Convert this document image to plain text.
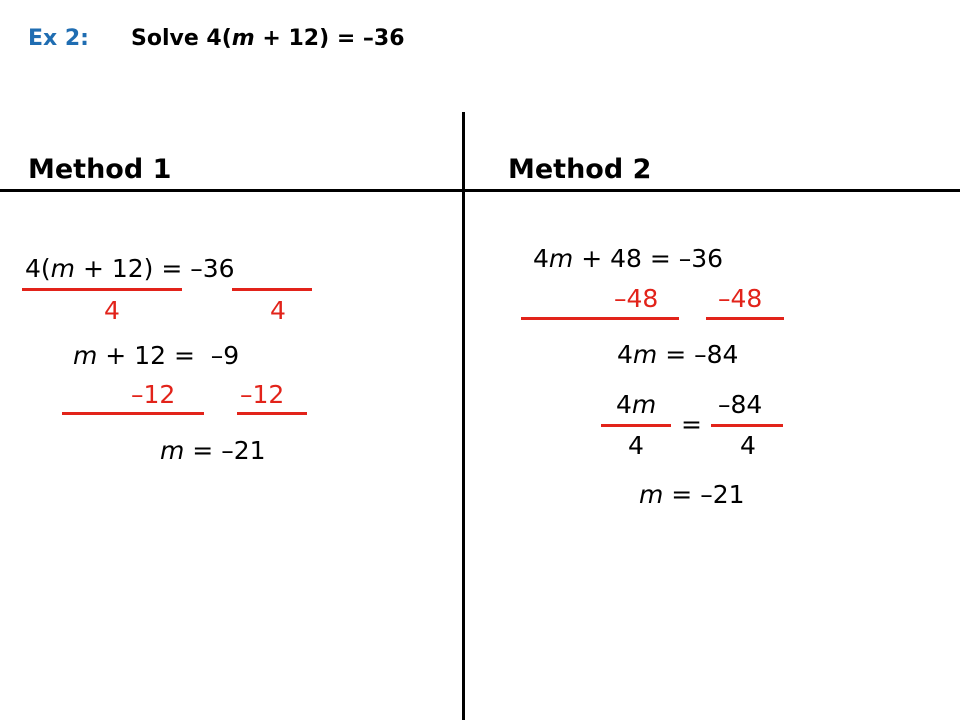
Ex 2: Solve 4(m + 12) = –36
Method 1	Method 2
4(m + 12) = –36
4	4
m + 12 =  –9
–12	–12
m = –21
4m + 48 = –36
–48 –48
4m = –84
4m –84
=
4	4
m = –21
